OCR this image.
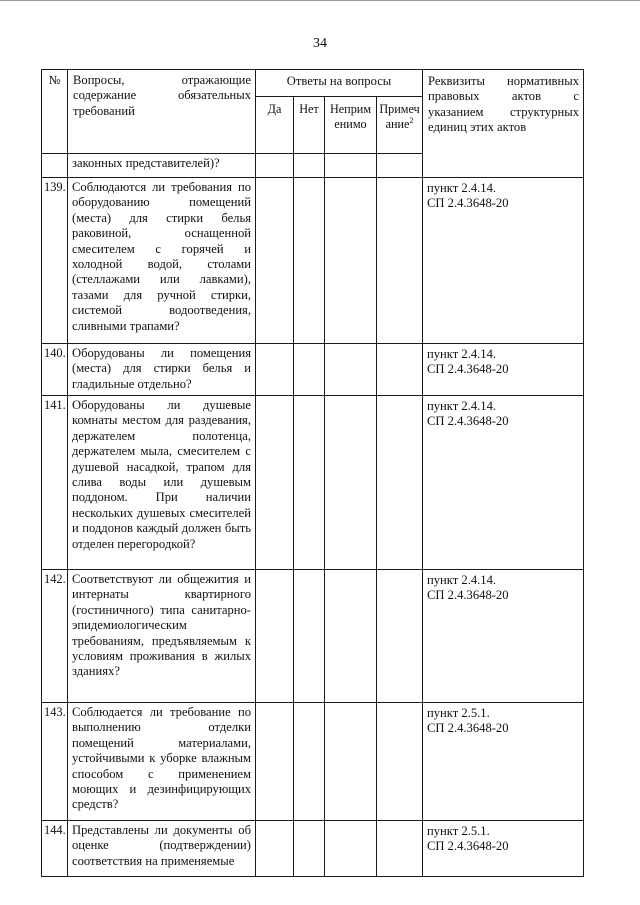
34
№	Вопросы, отражающие содержание обязательных требований	Ответы на вопросы				Реквизиты нормативных правовых актов с указанием структурных единиц этих актов
		Да	Нет	Неприм енимо	Примеч ание$^2$
	законных представителей)?					
139.	Соблюдаются ли требования по оборудованию помещений (места) для стирки белья раковиной, оснащенной смесителем с горячей и холодной водой, столами (стеллажами или лавками), тазами для ручной стирки, системой водоотведения, сливными трапами?					пункт 2.4.14.
СП 2.4.3648-20
140.	Оборудованы ли помещения (места) для стирки белья и гладильные отдельно?					пункт 2.4.14.
СП 2.4.3648-20
141.	Оборудованы ли душевые комнаты местом для раздевания, держателем полотенца, держателем мыла, смесителем с душевой насадкой, трапом для слива воды или душевым поддоном. При наличии нескольких душевых смесителей и поддонов каждый должен быть отделен перегородкой?					пункт 2.4.14.
СП 2.4.3648-20
142.	Соответствуют ли общежития и интернаты квартирного (гостиничного) типа санитарно-эпидемиологическим требованиям, предъявляемым к условиям проживания в жилых зданиях?					пункт 2.4.14.
СП 2.4.3648-20
143.	Соблюдается ли требование по выполнению отделки помещений материалами, устойчивыми к уборке влажным способом с применением моющих и дезинфицирующих средств?					пункт 2.5.1.
СП 2.4.3648-20
144.	Представлены ли документы об оценке (подтверждении) соответствия на применяемые					пункт 2.5.1.
СП 2.4.3648-20
